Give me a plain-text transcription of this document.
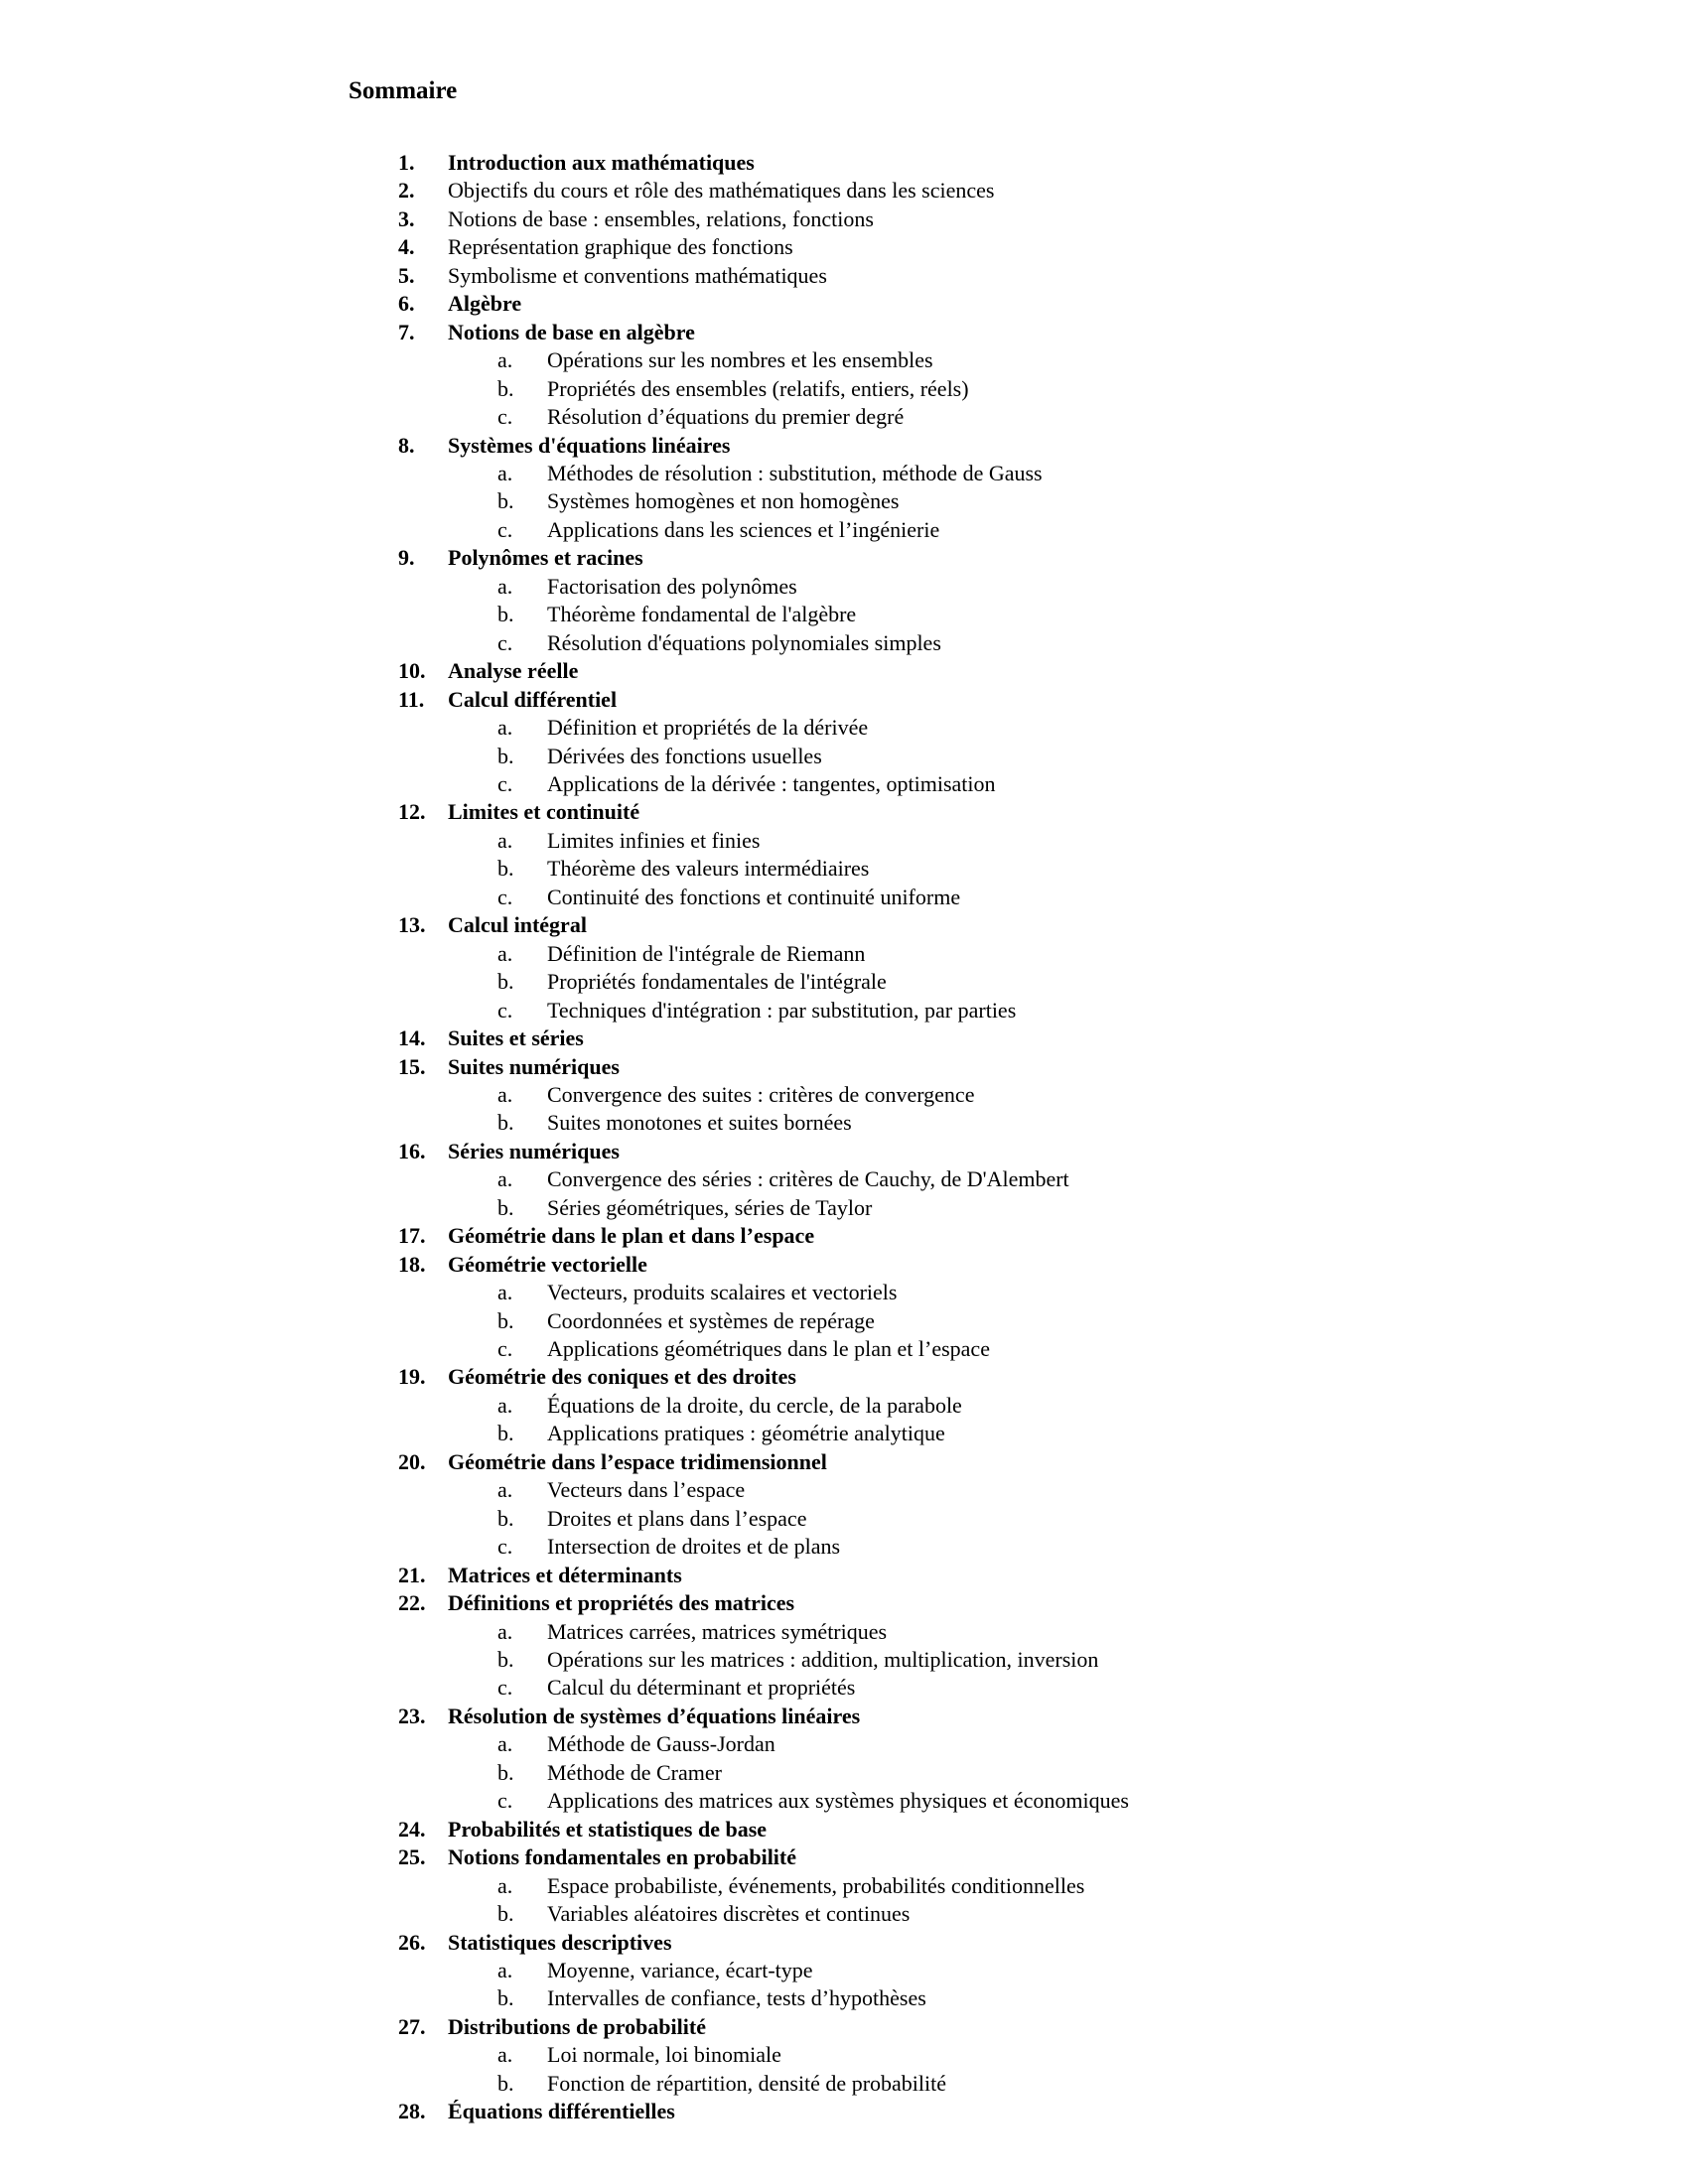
Sommaire
1. Introduction aux mathématiques
2. Objectifs du cours et rôle des mathématiques dans les sciences
3. Notions de base : ensembles, relations, fonctions
4. Représentation graphique des fonctions
5. Symbolisme et conventions mathématiques
6. Algèbre
7. Notions de base en algèbre
a. Opérations sur les nombres et les ensembles
b. Propriétés des ensembles (relatifs, entiers, réels)
c. Résolution d’équations du premier degré
8. Systèmes d'équations linéaires
a. Méthodes de résolution : substitution, méthode de Gauss
b. Systèmes homogènes et non homogènes
c. Applications dans les sciences et l’ingénierie
9. Polynômes et racines
a. Factorisation des polynômes
b. Théorème fondamental de l'algèbre
c. Résolution d'équations polynomiales simples
10. Analyse réelle
11. Calcul différentiel
a. Définition et propriétés de la dérivée
b. Dérivées des fonctions usuelles
c. Applications de la dérivée : tangentes, optimisation
12. Limites et continuité
a. Limites infinies et finies
b. Théorème des valeurs intermédiaires
c. Continuité des fonctions et continuité uniforme
13. Calcul intégral
a. Définition de l'intégrale de Riemann
b. Propriétés fondamentales de l'intégrale
c. Techniques d'intégration : par substitution, par parties
14. Suites et séries
15. Suites numériques
a. Convergence des suites : critères de convergence
b. Suites monotones et suites bornées
16. Séries numériques
a. Convergence des séries : critères de Cauchy, de D'Alembert
b. Séries géométriques, séries de Taylor
17. Géométrie dans le plan et dans l’espace
18. Géométrie vectorielle
a. Vecteurs, produits scalaires et vectoriels
b. Coordonnées et systèmes de repérage
c. Applications géométriques dans le plan et l’espace
19. Géométrie des coniques et des droites
a. Équations de la droite, du cercle, de la parabole
b. Applications pratiques : géométrie analytique
20. Géométrie dans l’espace tridimensionnel
a. Vecteurs dans l’espace
b. Droites et plans dans l’espace
c. Intersection de droites et de plans
21. Matrices et déterminants
22. Définitions et propriétés des matrices
a. Matrices carrées, matrices symétriques
b. Opérations sur les matrices : addition, multiplication, inversion
c. Calcul du déterminant et propriétés
23. Résolution de systèmes d’équations linéaires
a. Méthode de Gauss-Jordan
b. Méthode de Cramer
c. Applications des matrices aux systèmes physiques et économiques
24. Probabilités et statistiques de base
25. Notions fondamentales en probabilité
a. Espace probabiliste, événements, probabilités conditionnelles
b. Variables aléatoires discrètes et continues
26. Statistiques descriptives
a. Moyenne, variance, écart-type
b. Intervalles de confiance, tests d’hypothèses
27. Distributions de probabilité
a. Loi normale, loi binomiale
b. Fonction de répartition, densité de probabilité
28. Équations différentielles
